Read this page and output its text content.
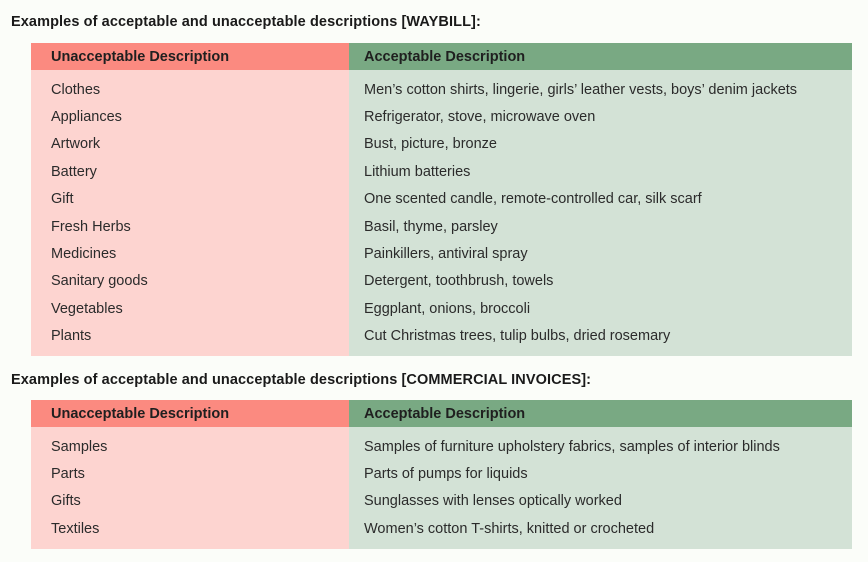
Examples of acceptable and unacceptable descriptions [WAYBILL]:
Unacceptable Description	Acceptable Description

Clothes	Men’s cotton shirts, lingerie, girls’ leather vests, boys’ denim jackets
Appliances	Refrigerator, stove, microwave oven
Artwork	Bust, picture, bronze
Battery	Lithium batteries
Gift	One scented candle, remote-controlled car, silk scarf
Fresh Herbs	Basil, thyme, parsley
Medicines	Painkillers, antiviral spray
Sanitary goods	Detergent, toothbrush, towels
Vegetables	Eggplant, onions, broccoli
Plants	Cut Christmas trees, tulip bulbs, dried rosemary

Examples of acceptable and unacceptable descriptions [COMMERCIAL INVOICES]:
Unacceptable Description	Acceptable Description

Samples	Samples of furniture upholstery fabrics, samples of interior blinds
Parts	Parts of pumps for liquids
Gifts	Sunglasses with lenses optically worked
Textiles	Women’s cotton T-shirts, knitted or crocheted
